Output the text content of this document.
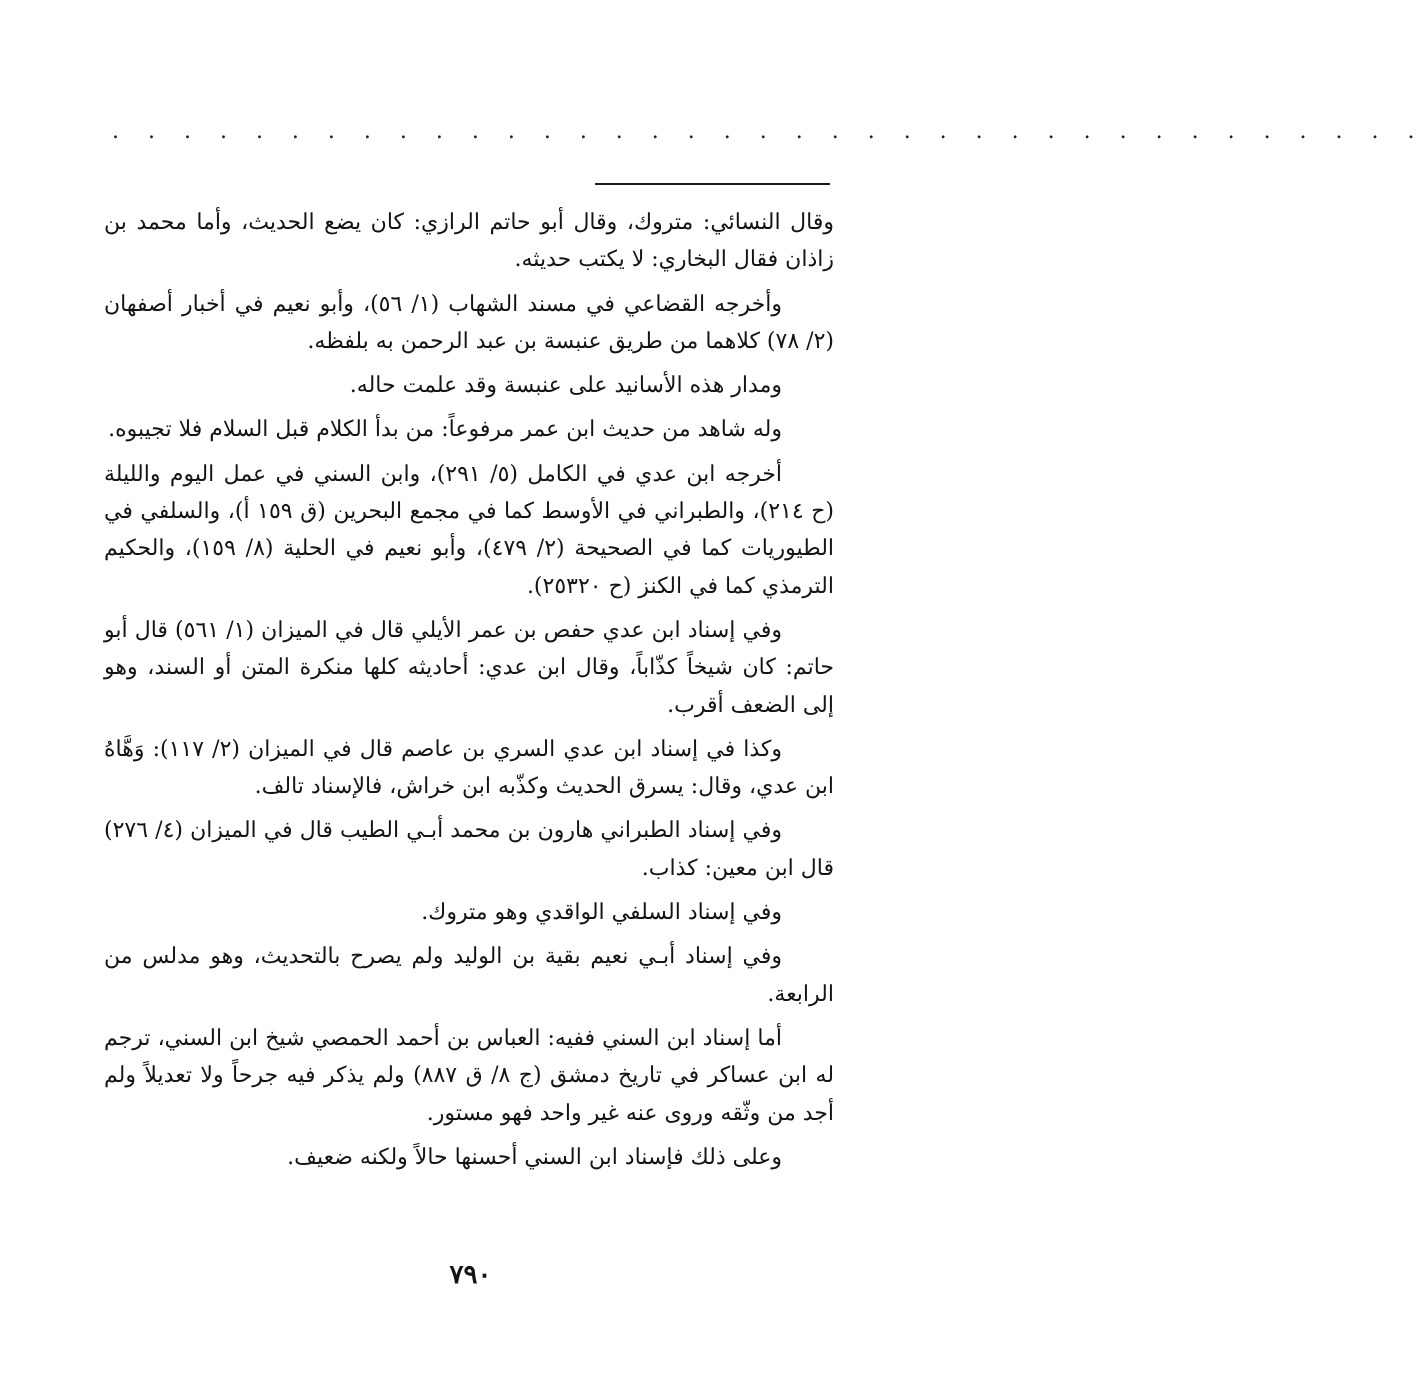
. . . . . . . . . . . . . . . . . . . . . . . . . . . . . . . . . . . . .

وقال النسائي: متروك، وقال أبو حاتم الرازي: كان يضع الحديث، وأما محمد بن زاذان فقال البخاري: لا يكتب حديثه.

وأخرجه القضاعي في مسند الشهاب (١/ ٥٦)، وأبو نعيم في أخبار أصفهان (٢/ ٧٨) كلاهما من طريق عنبسة بن عبد الرحمن به بلفظه.

ومدار هذه الأسانيد على عنبسة وقد علمت حاله.

وله شاهد من حديث ابن عمر مرفوعاً: من بدأ الكلام قبل السلام فلا تجيبوه.

أخرجه ابن عدي في الكامل (٥/ ٢٩١)، وابن السني في عمل اليوم والليلة (ح ٢١٤)، والطبراني في الأوسط كما في مجمع البحرين (ق ١٥٩ أ)، والسلفي في الطيوريات كما في الصحيحة (٢/ ٤٧٩)، وأبو نعيم في الحلية (٨/ ١٥٩)، والحكيم الترمذي كما في الكنز (ح ٢٥٣٢٠).

وفي إسناد ابن عدي حفص بن عمر الأيلي قال في الميزان (١/ ٥٦١) قال أبو حاتم: كان شيخاً كذّاباً، وقال ابن عدي: أحاديثه كلها منكرة المتن أو السند، وهو إلى الضعف أقرب.

وكذا في إسناد ابن عدي السري بن عاصم قال في الميزان (٢/ ١١٧): وَهَّاهُ ابن عدي، وقال: يسرق الحديث وكذّبه ابن خراش، فالإسناد تالف.

وفي إسناد الطبراني هارون بن محمد أبـي الطيب قال في الميزان (٤/ ٢٧٦) قال ابن معين: كذاب.

وفي إسناد السلفي الواقدي وهو متروك.

وفي إسناد أبـي نعيم بقية بن الوليد ولم يصرح بالتحديث، وهو مدلس من الرابعة.

أما إسناد ابن السني ففيه: العباس بن أحمد الحمصي شيخ ابن السني، ترجم له ابن عساكر في تاريخ دمشق (ج ٨/ ق ٨٨٧) ولم يذكر فيه جرحاً ولا تعديلاً ولم أجد من وثّقه وروى عنه غير واحد فهو مستور.

وعلى ذلك فإسناد ابن السني أحسنها حالاً ولكنه ضعيف.

٧٩٠
